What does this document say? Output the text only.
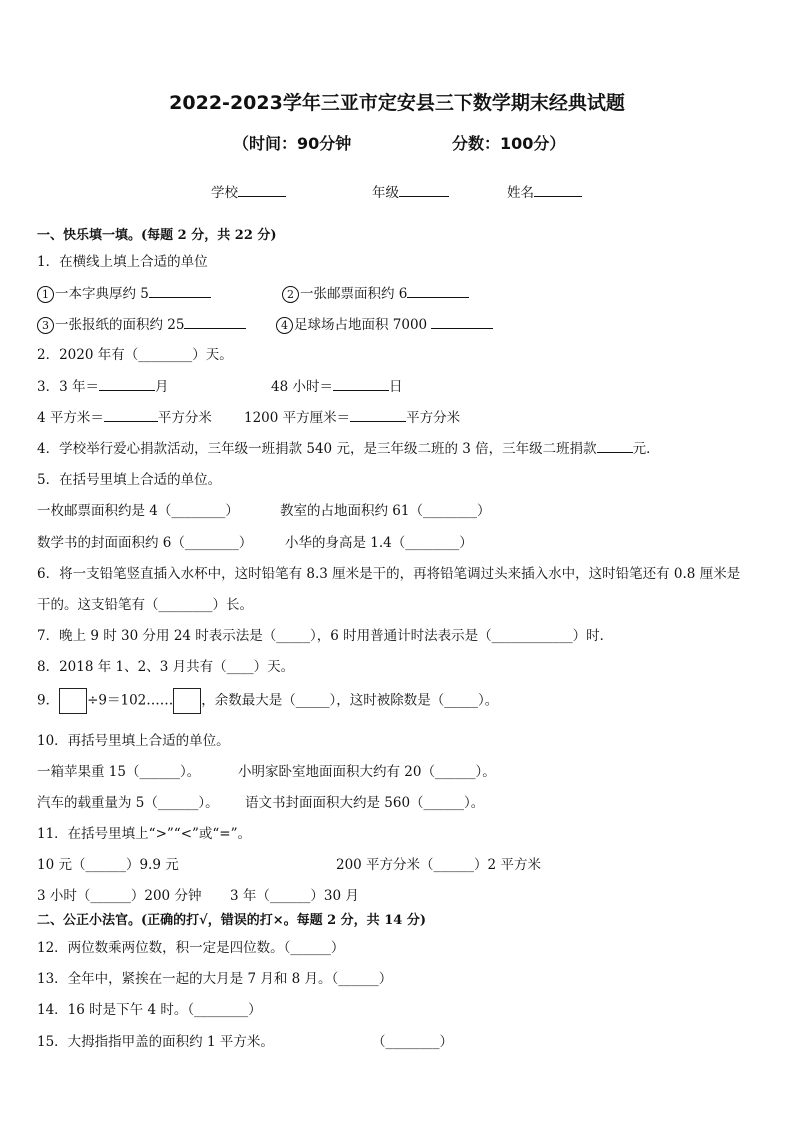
2022-2023学年三亚市定安县三下数学期末经典试题
（时间：90分钟	分数：100分）
学校	年级	姓名
一、快乐填一填。(每题 2 分，共 22 分)
1．在横线上填上合适的单位
1 一本字典厚约 5	2 一张邮票面积约 6
3 一张报纸的面积约 25	4 足球场占地面积 7000
2．2020 年有（________）天。
3．3 年＝	月	48 小时＝	日
4 平方米＝	平方分米 1200 平方厘米＝	平方分米
4．学校举行爱心捐款活动，三年级一班捐款 540 元，是三年级二班的 3 倍，三年级二班捐款	元．
5．在括号里填上合适的单位。
一枚邮票面积约是 4（________）	教室的占地面积约 61（________）
数学书的封面面积约 6（________） 小华的身高是 1.4（________）
6．将一支铅笔竖直插入水杯中，这时铅笔有 8.3 厘米是干的，再将铅笔调过头来插入水中，这时铅笔还有 0.8 厘米是
干的。这支铅笔有（________）长。
7．晚上 9 时 30 分用 24 时表示法是（_____），6 时用普通计时法表示是（____________）时．
8．2018 年 1、2、3 月共有（____）天。
9． ÷9＝102…… ，余数最大是（_____），这时被除数是（_____）。
10．再括号里填上合适的单位。
一箱苹果重 15（______）。	小明家卧室地面面积大约有 20（______）。
汽车的载重量为 5（______）。 语文书封面面积大约是 560（______）。
11．在括号里填上“>”“<”或“=”。
10 元（______）9.9 元	200 平方分米（______）2 平方米
3 小时（______）200 分钟 3 年（______）30 月
二、公正小法官。(正确的打√，错误的打×。每题 2 分，共 14 分)
12．两位数乘两位数，积一定是四位数。（______）
13．全年中，紧挨在一起的大月是 7 月和 8 月。（______）
14．16 时是下午 4 时。（________）
15．大拇指指甲盖的面积约 1 平方米。	（________）
